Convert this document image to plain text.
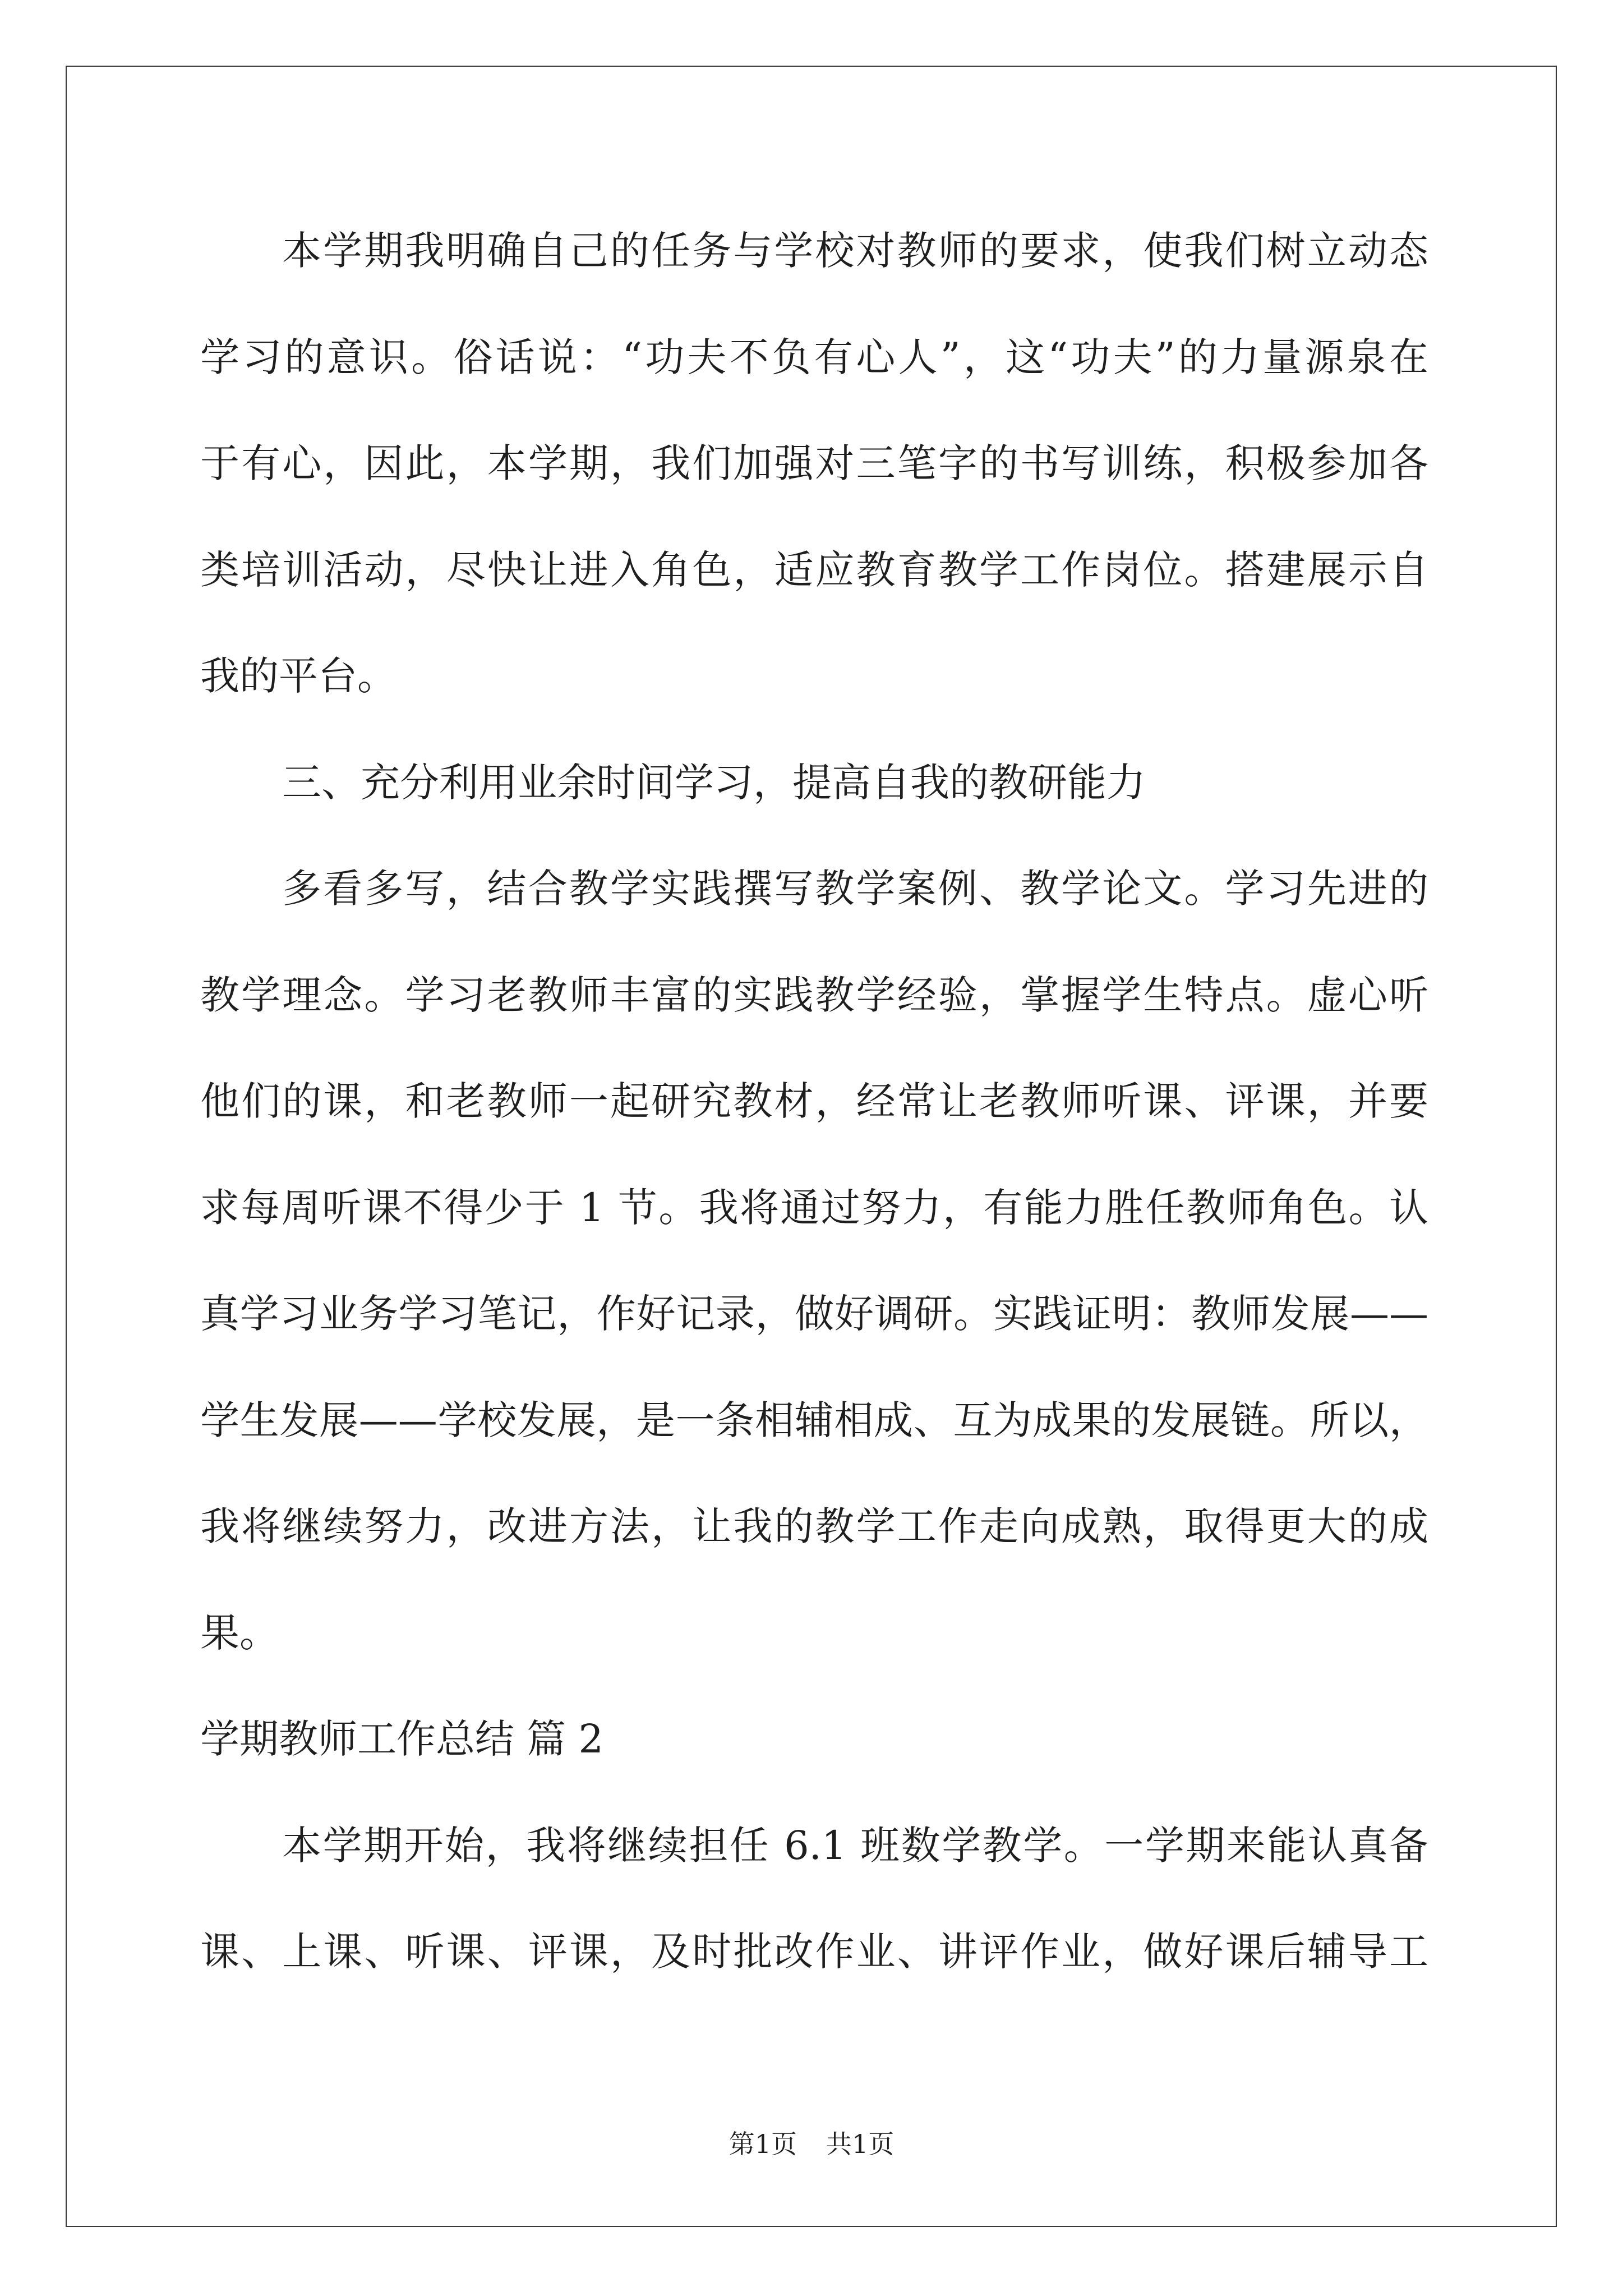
本学期我明确自己的任务与学校对教师的要求，使我们树立动态
学习的意识。俗话说：“功夫不负有心人”，这“功夫”的力量源泉在
于有心，因此，本学期，我们加强对三笔字的书写训练，积极参加各
类培训活动，尽快让进入角色，适应教育教学工作岗位。搭建展示自
我的平台。
三、充分利用业余时间学习，提高自我的教研能力
多看多写，结合教学实践撰写教学案例、教学论文。学习先进的
教学理念。学习老教师丰富的实践教学经验，掌握学生特点。虚心听
他们的课，和老教师一起研究教材，经常让老教师听课、评课，并要
求每周听课不得少于 1 节。我将通过努力，有能力胜任教师角色。认
真学习业务学习笔记，作好记录，做好调研。实践证明：教师发展——
学生发展——学校发展，是一条相辅相成、互为成果的发展链。所以，
我将继续努力，改进方法，让我的教学工作走向成熟，取得更大的成
果。
学期教师工作总结 篇 2
本学期开始，我将继续担任 6.1 班数学教学。一学期来能认真备
课、上课、听课、评课，及时批改作业、讲评作业，做好课后辅导工
第1页 共1页
